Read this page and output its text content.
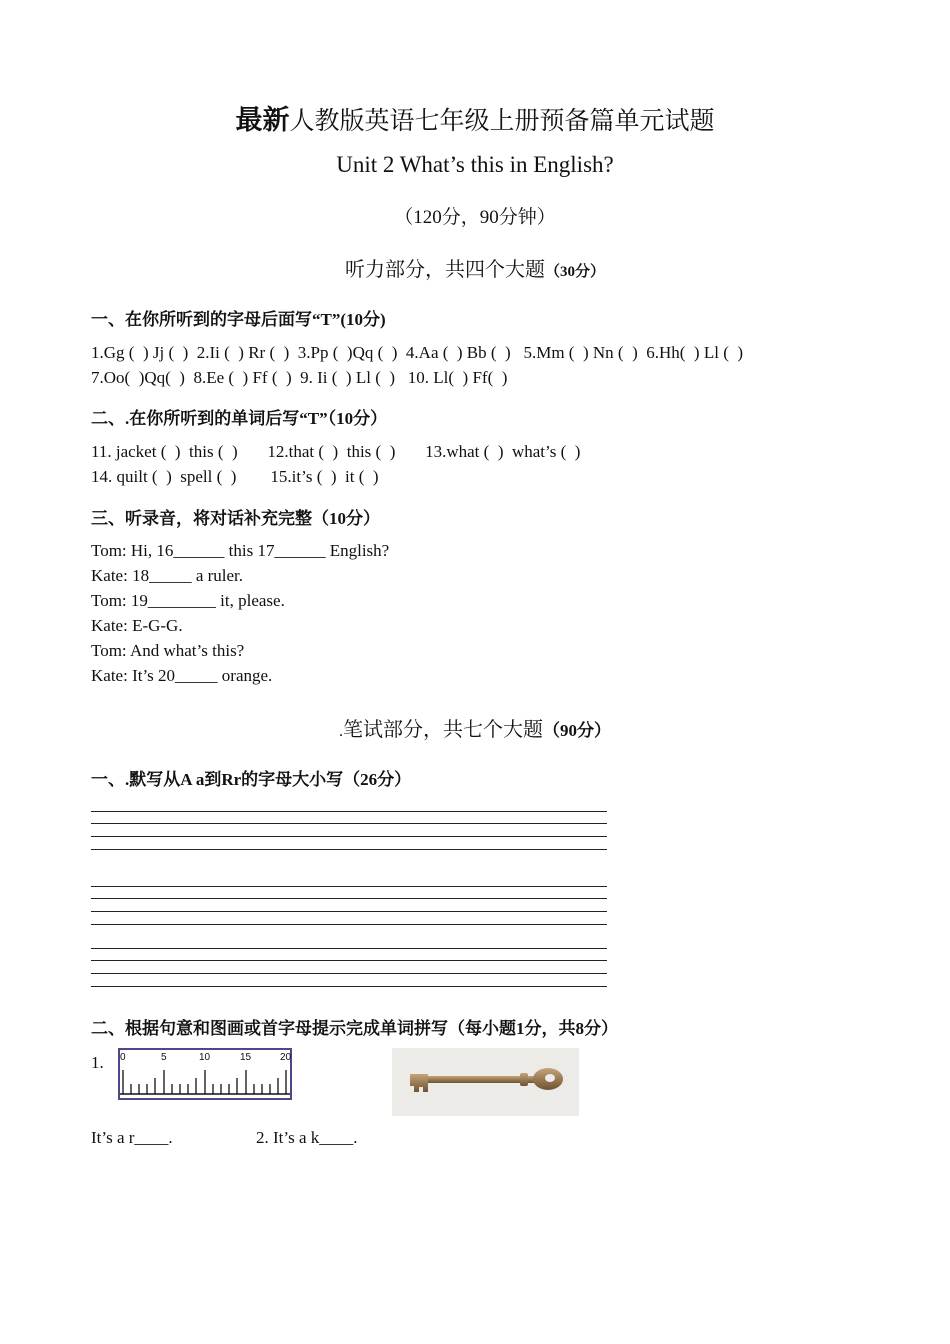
最新人教版英语七年级上册预备篇单元试题
Unit 2 What’s this in English?
（120分，90分钟）
听力部分，共四个大题（30分）
一、在你所听到的字母后面写“T”(10分)
1.Gg (  ) Jj (  )  2.Ii (  ) Rr (  )  3.Pp (  )Qq (  )  4.Aa (  ) Bb (  )   5.Mm (  ) Nn (  )  6.Hh(  ) Ll (  )
7.Oo(  )Qq(  )  8.Ee (  ) Ff (  )  9. Ii (  ) Ll (  )   10. Ll(  ) Ff(  )
二、.在你所听到的单词后写“T”（10分）
11. jacket (  )  this (  )       12.that (  )  this (  )       13.what (  )  what’s (  )
14. quilt (  )  spell (  )        15.it’s (  )  it (  )
三、听录音，将对话补充完整（10分）
Tom: Hi, 16______ this 17______ English?
Kate: 18_____ a ruler.
Tom: 19________ it, please.
Kate: E-G-G.
Tom: And what’s this?
Kate: It’s 20_____ orange.
.笔试部分，共七个大题（90分）
一、.默写从A a到Rr的字母大小写（26分）
二、根据句意和图画或首字母提示完成单词拼写（每小题1分，共8分）
1. 0	5	10	15	20
It’s a r____.	2. It’s a k____.
